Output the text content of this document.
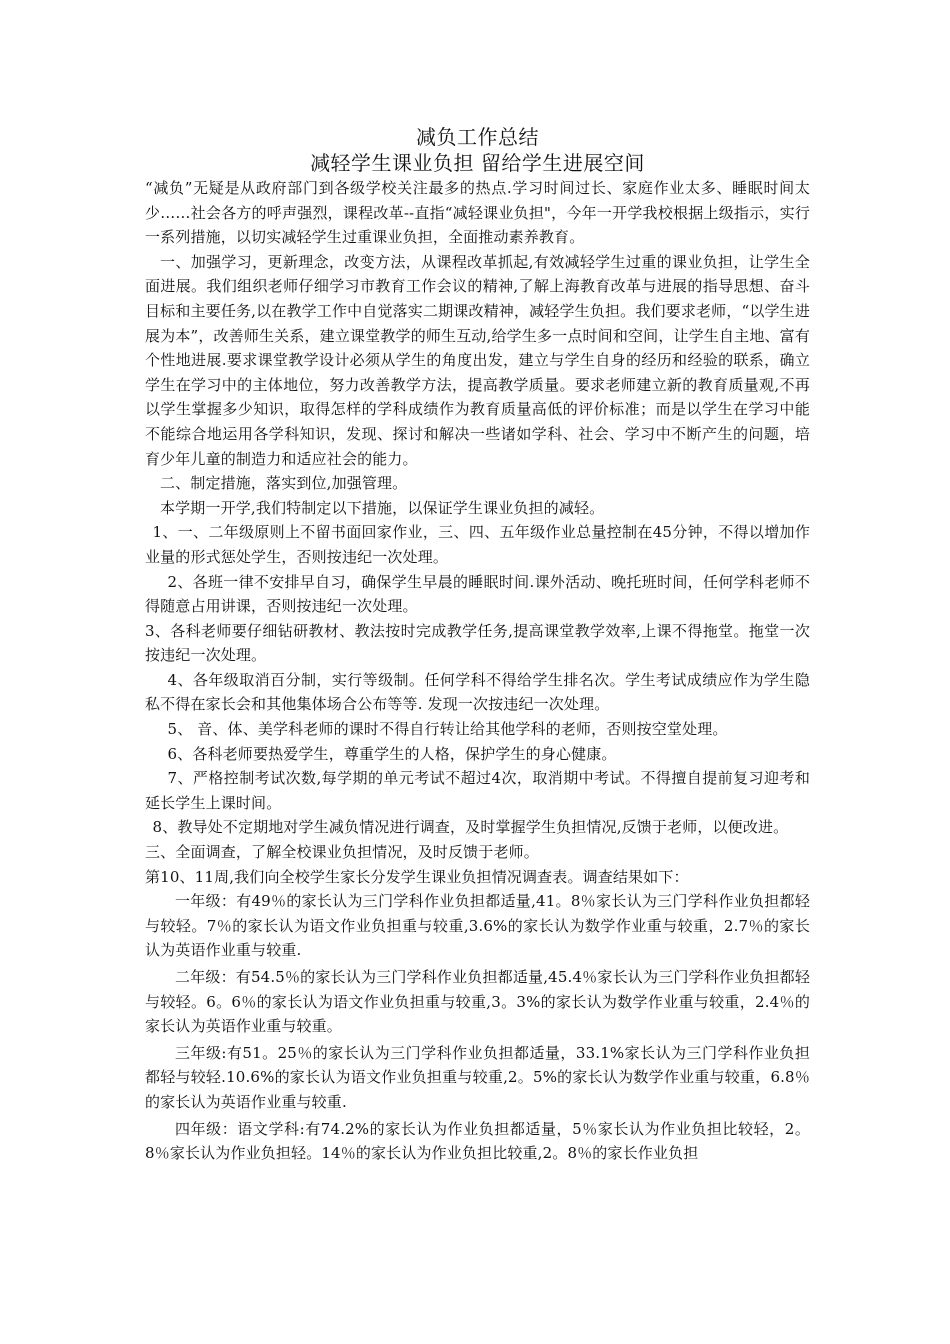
减负工作总结
减轻学生课业负担 留给学生进展空间

“减负”无疑是从政府部门到各级学校关注最多的热点.学习时间过长、家庭作业太多、睡眠时间太少……社会各方的呼声强烈，课程改革--直指“减轻课业负担"，今年一开学我校根据上级指示，实行一系列措施，以切实减轻学生过重课业负担，全面推动素养教育。

一、加强学习，更新理念，改变方法，从课程改革抓起,有效减轻学生过重的课业负担，让学生全面进展。我们组织老师仔细学习市教育工作会议的精神,了解上海教育改革与进展的指导思想、奋斗目标和主要任务,以在教学工作中自觉落实二期课改精神，减轻学生负担。我们要求老师，“以学生进展为本”，改善师生关系，建立课堂教学的师生互动,给学生多一点时间和空间，让学生自主地、富有个性地进展.要求课堂教学设计必须从学生的角度出发，建立与学生自身的经历和经验的联系，确立学生在学习中的主体地位，努力改善教学方法，提高教学质量。要求老师建立新的教育质量观,不再以学生掌握多少知识，取得怎样的学科成绩作为教育质量高低的评价标准；而是以学生在学习中能不能综合地运用各学科知识，发现、探讨和解决一些诸如学科、社会、学习中不断产生的问题，培育少年儿童的制造力和适应社会的能力。

二、制定措施，落实到位,加强管理。

本学期一开学,我们特制定以下措施，以保证学生课业负担的减轻。

1、一、二年级原则上不留书面回家作业，三、四、五年级作业总量控制在45分钟，不得以增加作业量的形式惩处学生，否则按违纪一次处理。

2、各班一律不安排早自习，确保学生早晨的睡眠时间.课外活动、晚托班时间，任何学科老师不得随意占用讲课，否则按违纪一次处理。

3、各科老师要仔细钻研教材、教法按时完成教学任务,提高课堂教学效率,上课不得拖堂。拖堂一次按违纪一次处理。

4、各年级取消百分制，实行等级制。任何学科不得给学生排名次。学生考试成绩应作为学生隐私不得在家长会和其他集体场合公布等等. 发现一次按违纪一次处理。

5、 音、体、美学科老师的课时不得自行转让给其他学科的老师，否则按空堂处理。

6、各科老师要热爱学生，尊重学生的人格，保护学生的身心健康。

7、严格控制考试次数,每学期的单元考试不超过4次，取消期中考试。不得擅自提前复习迎考和延长学生上课时间。

8、教导处不定期地对学生减负情况进行调查，及时掌握学生负担情况,反馈于老师，以便改进。

三、全面调查，了解全校课业负担情况，及时反馈于老师。

第10、11周,我们向全校学生家长分发学生课业负担情况调查表。调查结果如下：

一年级：有49％的家长认为三门学科作业负担都适量,41。8％家长认为三门学科作业负担都轻与较轻。7％的家长认为语文作业负担重与较重,3.6%的家长认为数学作业重与较重，2.7％的家长认为英语作业重与较重.

二年级：有54.5％的家长认为三门学科作业负担都适量,45.4％家长认为三门学科作业负担都轻与较轻。6。6％的家长认为语文作业负担重与较重,3。3%的家长认为数学作业重与较重，2.4％的家长认为英语作业重与较重。

三年级:有51。25％的家长认为三门学科作业负担都适量，33.1%家长认为三门学科作业负担都轻与较轻.10.6%的家长认为语文作业负担重与较重,2。5%的家长认为数学作业重与较重，6.8％的家长认为英语作业重与较重.

四年级：语文学科:有74.2%的家长认为作业负担都适量，5％家长认为作业负担比较轻，2。8％家长认为作业负担轻。14％的家长认为作业负担比较重,2。8％的家长作业负担
